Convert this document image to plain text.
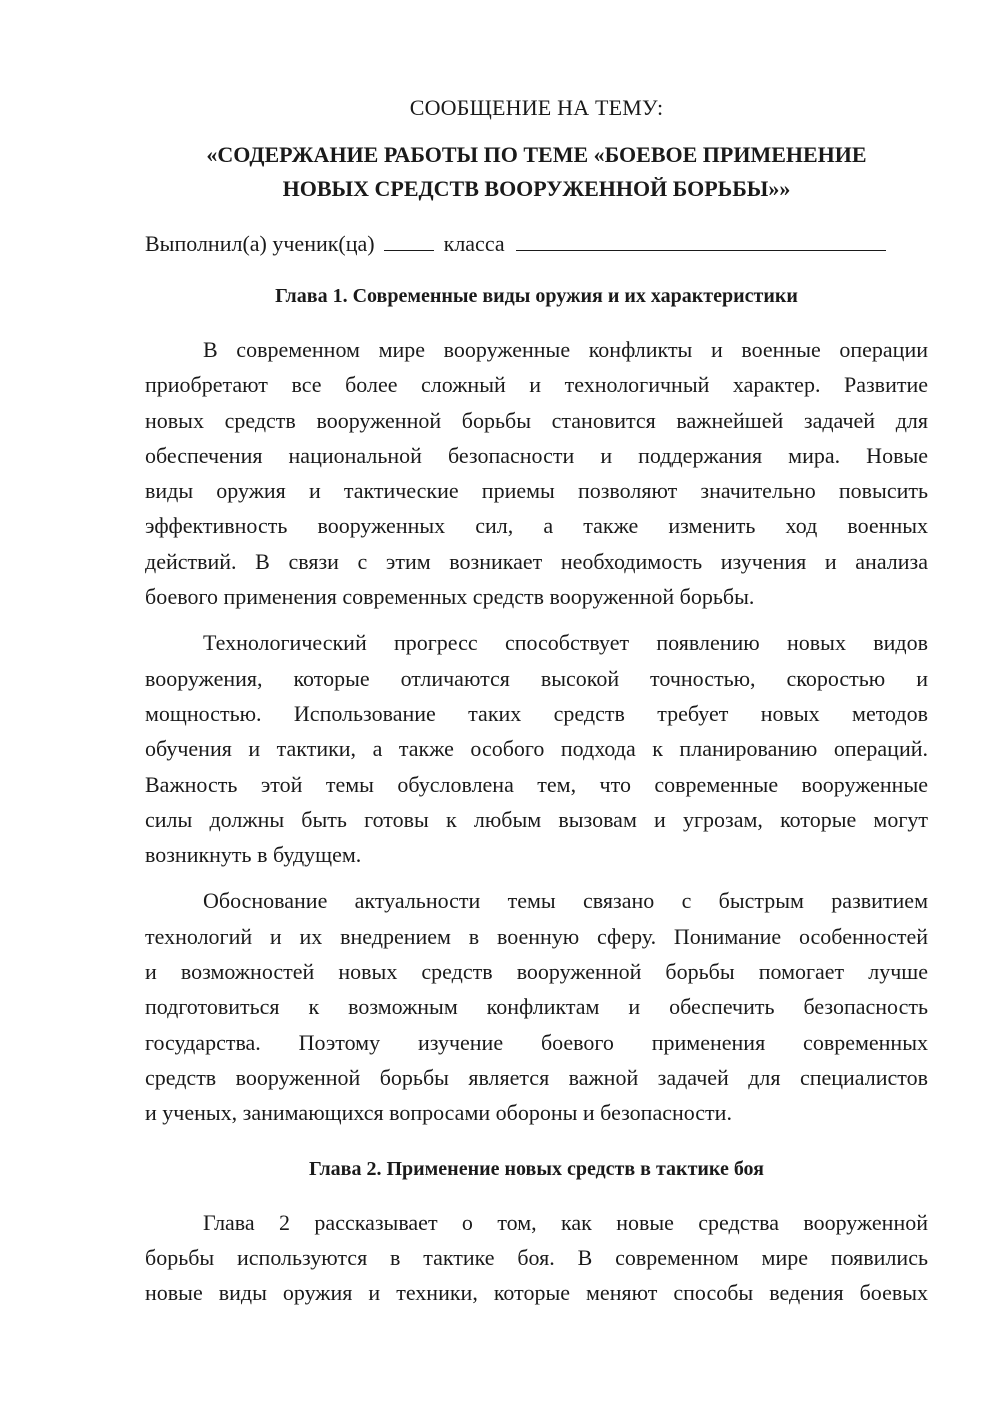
СООБЩЕНИЕ НА ТЕМУ:
«СОДЕРЖАНИЕ РАБОТЫ ПО ТЕМЕ «БОЕВОЕ ПРИМЕНЕНИЕ
НОВЫХ СРЕДСТВ ВООРУЖЕННОЙ БОРЬБЫ»»
Выполнил(а) ученик(ца)	класса
Глава 1. Современные виды оружия и их характеристики
В современном мире вооруженные конфликты и военные операции
приобретают все более сложный и технологичный характер. Развитие
новых средств вооруженной борьбы становится важнейшей задачей для
обеспечения национальной безопасности и поддержания мира. Новые
виды оружия и тактические приемы позволяют значительно повысить
эффективность вооруженных сил, а также изменить ход военных
действий. В связи с этим возникает необходимость изучения и анализа
боевого применения современных средств вооруженной борьбы.
Технологический прогресс способствует появлению новых видов
вооружения, которые отличаются высокой точностью, скоростью и
мощностью. Использование таких средств требует новых методов
обучения и тактики, а также особого подхода к планированию операций.
Важность этой темы обусловлена тем, что современные вооруженные
силы должны быть готовы к любым вызовам и угрозам, которые могут
возникнуть в будущем.
Обоснование актуальности темы связано с быстрым развитием
технологий и их внедрением в военную сферу. Понимание особенностей
и возможностей новых средств вооруженной борьбы помогает лучше
подготовиться к возможным конфликтам и обеспечить безопасность
государства. Поэтому изучение боевого применения современных
средств вооруженной борьбы является важной задачей для специалистов
и ученых, занимающихся вопросами обороны и безопасности.
Глава 2. Применение новых средств в тактике боя
Глава 2 рассказывает о том, как новые средства вооруженной
борьбы используются в тактике боя. В современном мире появились
новые виды оружия и техники, которые меняют способы ведения боевых
